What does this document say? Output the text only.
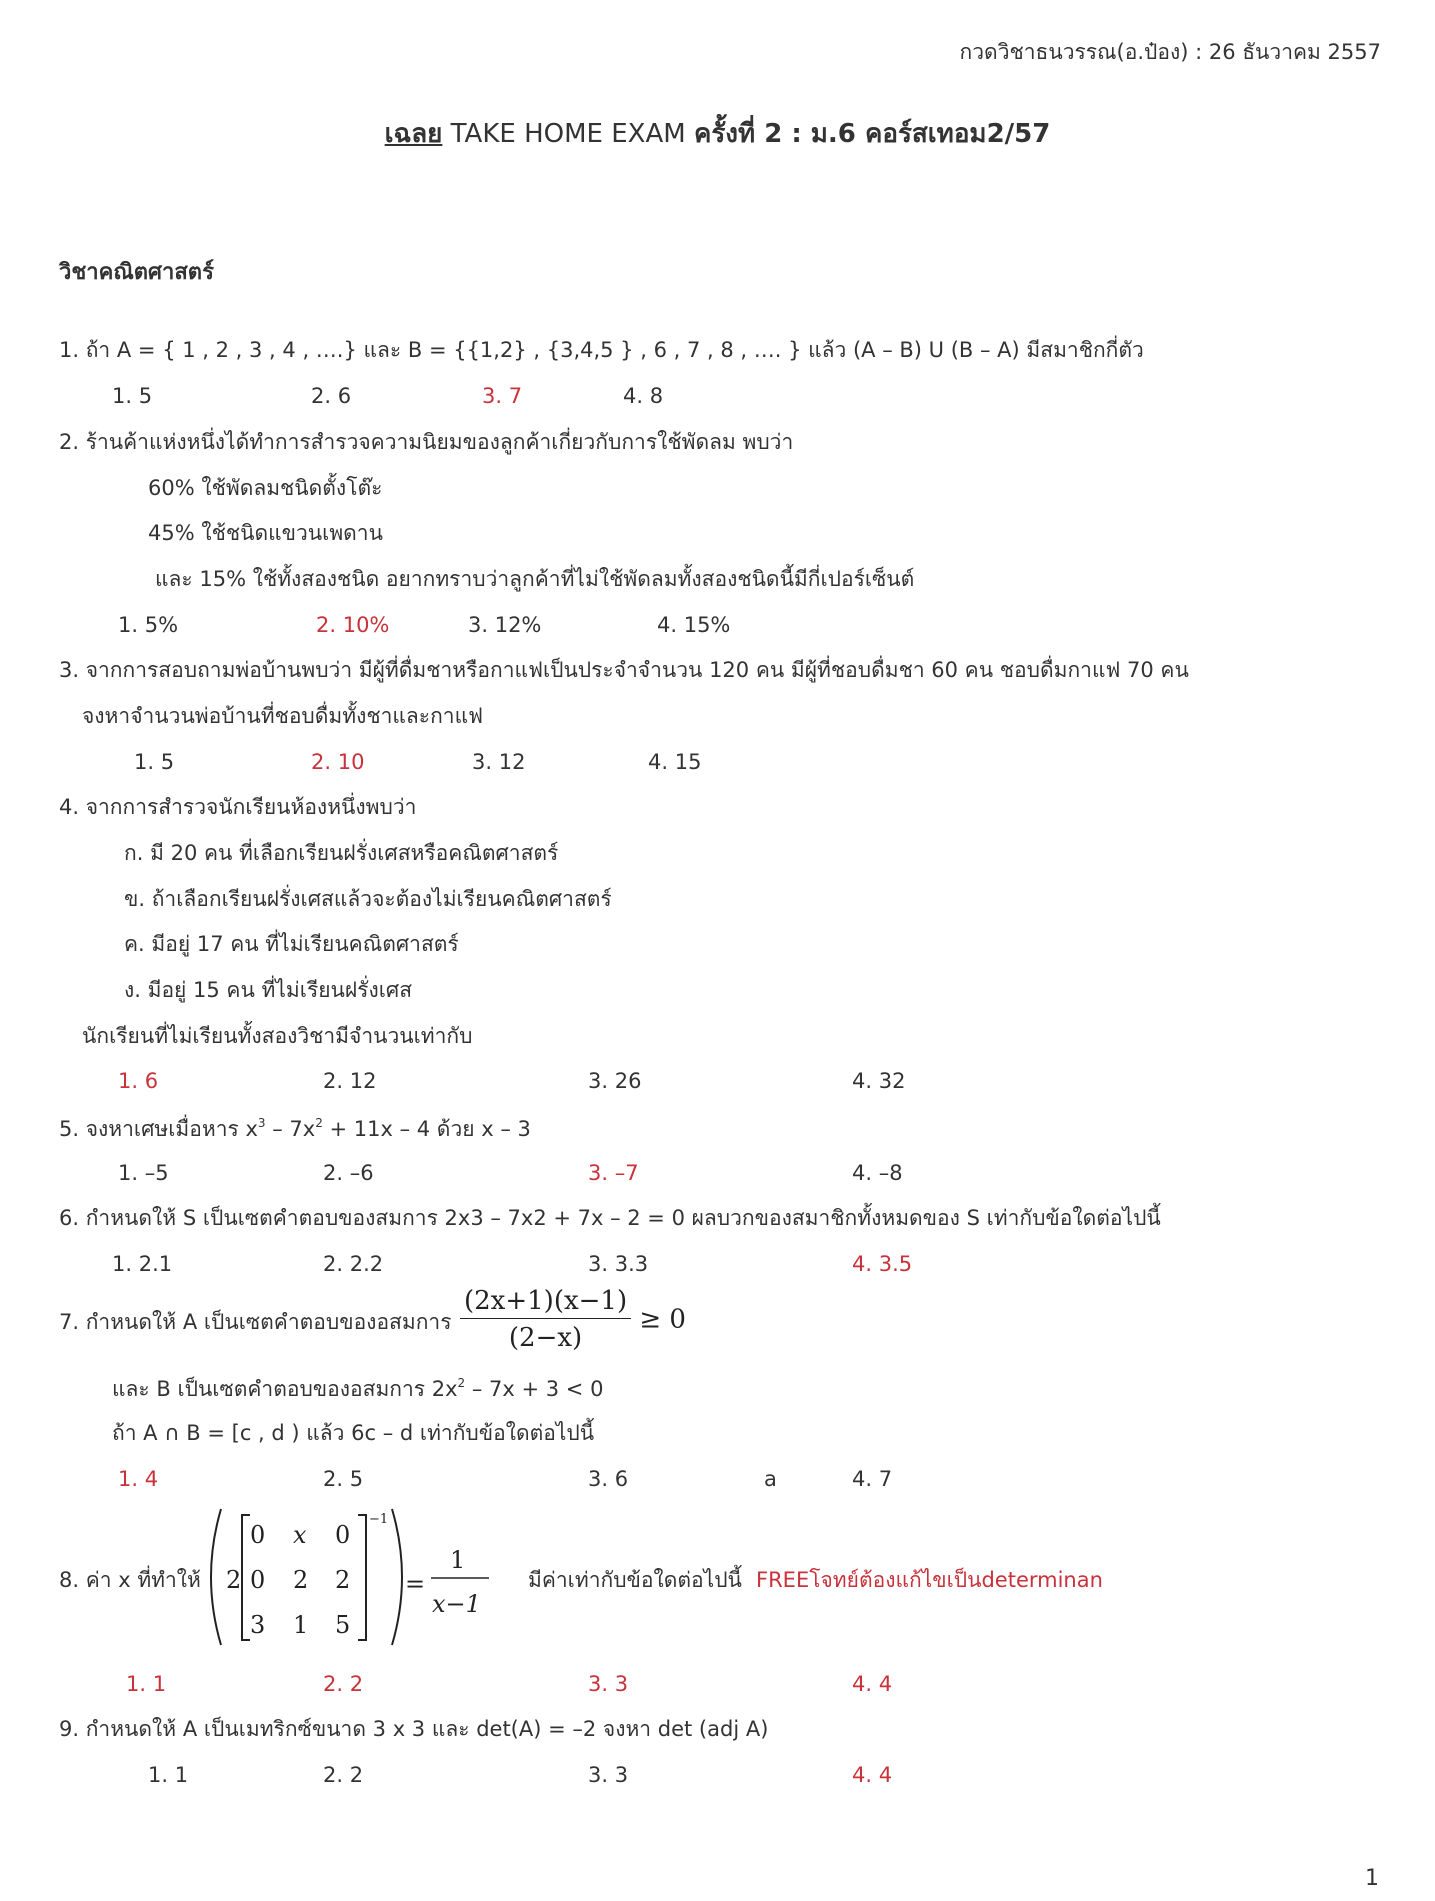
กวดวิชาธนวรรณ(อ.ป๋อง) : 26 ธันวาคม 2557
เฉลย TAKE HOME EXAM ครั้งที่ 2 : ม.6 คอร์สเทอม2/57
วิชาคณิตศาสตร์
1. ถ้า A = { 1 , 2 , 3 , 4 , ….} และ B = {{1,2} , {3,4,5 } , 6 , 7 , 8 , …. } แล้ว (A – B) U (B – A) มีสมาชิกกี่ตัว
1. 5	2. 6	3. 7	4. 8
2. ร้านค้าแห่งหนึ่งได้ทำการสำรวจความนิยมของลูกค้าเกี่ยวกับการใช้พัดลม พบว่า
60% ใช้พัดลมชนิดตั้งโต๊ะ
45% ใช้ชนิดแขวนเพดาน
และ 15% ใช้ทั้งสองชนิด อยากทราบว่าลูกค้าที่ไม่ใช้พัดลมทั้งสองชนิดนี้มีกี่เปอร์เซ็นต์
1. 5%	2. 10%	3. 12%	4. 15%
3. จากการสอบถามพ่อบ้านพบว่า มีผู้ที่ดื่มชาหรือกาแฟเป็นประจำจำนวน 120 คน มีผู้ที่ชอบดื่มชา 60 คน ชอบดื่มกาแฟ 70 คน
จงหาจำนวนพ่อบ้านที่ชอบดื่มทั้งชาและกาแฟ
1. 5	2. 10	3. 12	4. 15
4. จากการสำรวจนักเรียนห้องหนึ่งพบว่า
ก. มี 20 คน ที่เลือกเรียนฝรั่งเศสหรือคณิตศาสตร์
ข. ถ้าเลือกเรียนฝรั่งเศสแล้วจะต้องไม่เรียนคณิตศาสตร์
ค. มีอยู่ 17 คน ที่ไม่เรียนคณิตศาสตร์
ง. มีอยู่ 15 คน ที่ไม่เรียนฝรั่งเศส
นักเรียนที่ไม่เรียนทั้งสองวิชามีจำนวนเท่ากับ
1. 6	2. 12	3. 26	4. 32
5. จงหาเศษเมื่อหาร $x^3 - 7x^2 + 11x - 4$ ด้วย x – 3
1. –5	2. –6	3. –7	4. –8
6. กำหนดให้ S เป็นเซตคำตอบของสมการ 2x3 – 7x2 + 7x – 2 = 0 ผลบวกของสมาชิกทั้งหมดของ S เท่ากับข้อใดต่อไปนี้
1. 2.1	2. 2.2	3. 3.3	4. 3.5
7. กำหนดให้ A เป็นเซตคำตอบของอสมการ $\frac{(2x+1)(x-1)}{(2-x)} \ge 0$
และ B เป็นเซตคำตอบของอสมการ $2x^2 - 7x + 3 < 0$
ถ้า A ∩ B = [c , d ) แล้ว 6c – d เท่ากับข้อใดต่อไปนี้
1. 4	2. 5	3. 6	a	4. 7
8. ค่า x ที่ทำให้ 2
0 x 0
0 2 2
3 1 5
−1
=
1
x−1
มีค่าเท่ากับข้อใดต่อไปนี้ FREEโจทย์ต้องแก้ไขเป็นdeterminan
1. 1	2. 2	3. 3	4. 4
9. กำหนดให้ A เป็นเมทริกซ์ขนาด 3 x 3 และ det(A) = –2 จงหา det (adj A)
1. 1	2. 2	3. 3	4. 4
1
